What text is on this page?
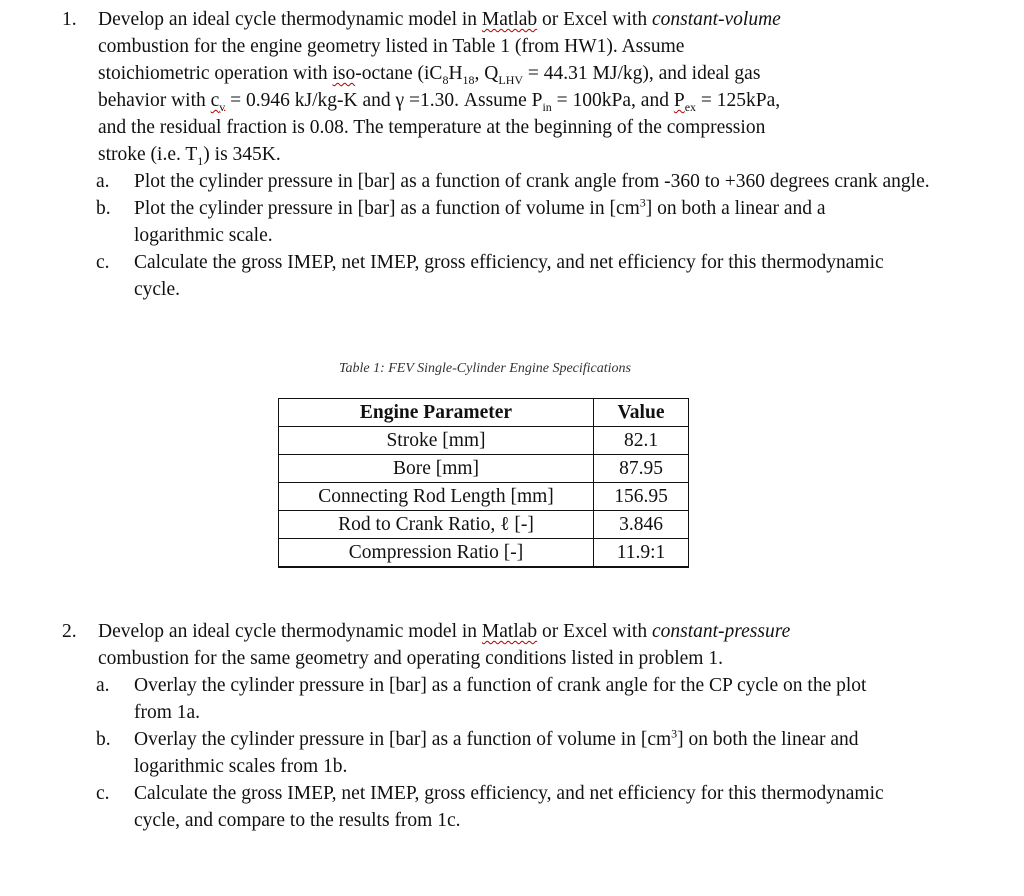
1.	Develop an ideal cycle thermodynamic model in Matlab or Excel with constant-volume
combustion for the engine geometry listed in Table 1 (from HW1). Assume
stoichiometric operation with iso-octane ($iC_8H_{18}$, $Q_{LHV} = 44.31$ MJ/kg), and ideal gas
behavior with $c_v = 0.946$ kJ/kg-K and γ =1.30. Assume $P_{in} = 100kPa$, and $P_{ex} = 125kPa$,
and the residual fraction is 0.08. The temperature at the beginning of the compression
stroke (i.e. $T_1$) is 345K.
a. Plot the cylinder pressure in [bar] as a function of crank angle from -360 to +360 degrees crank angle.
b. Plot the cylinder pressure in [bar] as a function of volume in $[cm^3]$ on both a linear and a logarithmic scale.
c. Calculate the gross IMEP, net IMEP, gross efficiency, and net efficiency for this thermodynamic cycle.
Table 1: FEV Single-Cylinder Engine Specifications
Engine Parameter	Value
Stroke [mm]	82.1
Bore [mm]	87.95
Connecting Rod Length [mm]	156.95
Rod to Crank Ratio, ℓ [-]	3.846
Compression Ratio [-]	11.9:1
2.	Develop an ideal cycle thermodynamic model in Matlab or Excel with constant-pressure
combustion for the same geometry and operating conditions listed in problem 1.
a. Overlay the cylinder pressure in [bar] as a function of crank angle for the CP cycle on the plot from 1a.
b. Overlay the cylinder pressure in [bar] as a function of volume in $[cm^3]$ on both the linear and logarithmic scales from 1b.
c. Calculate the gross IMEP, net IMEP, gross efficiency, and net efficiency for this thermodynamic cycle, and compare to the results from 1c.
